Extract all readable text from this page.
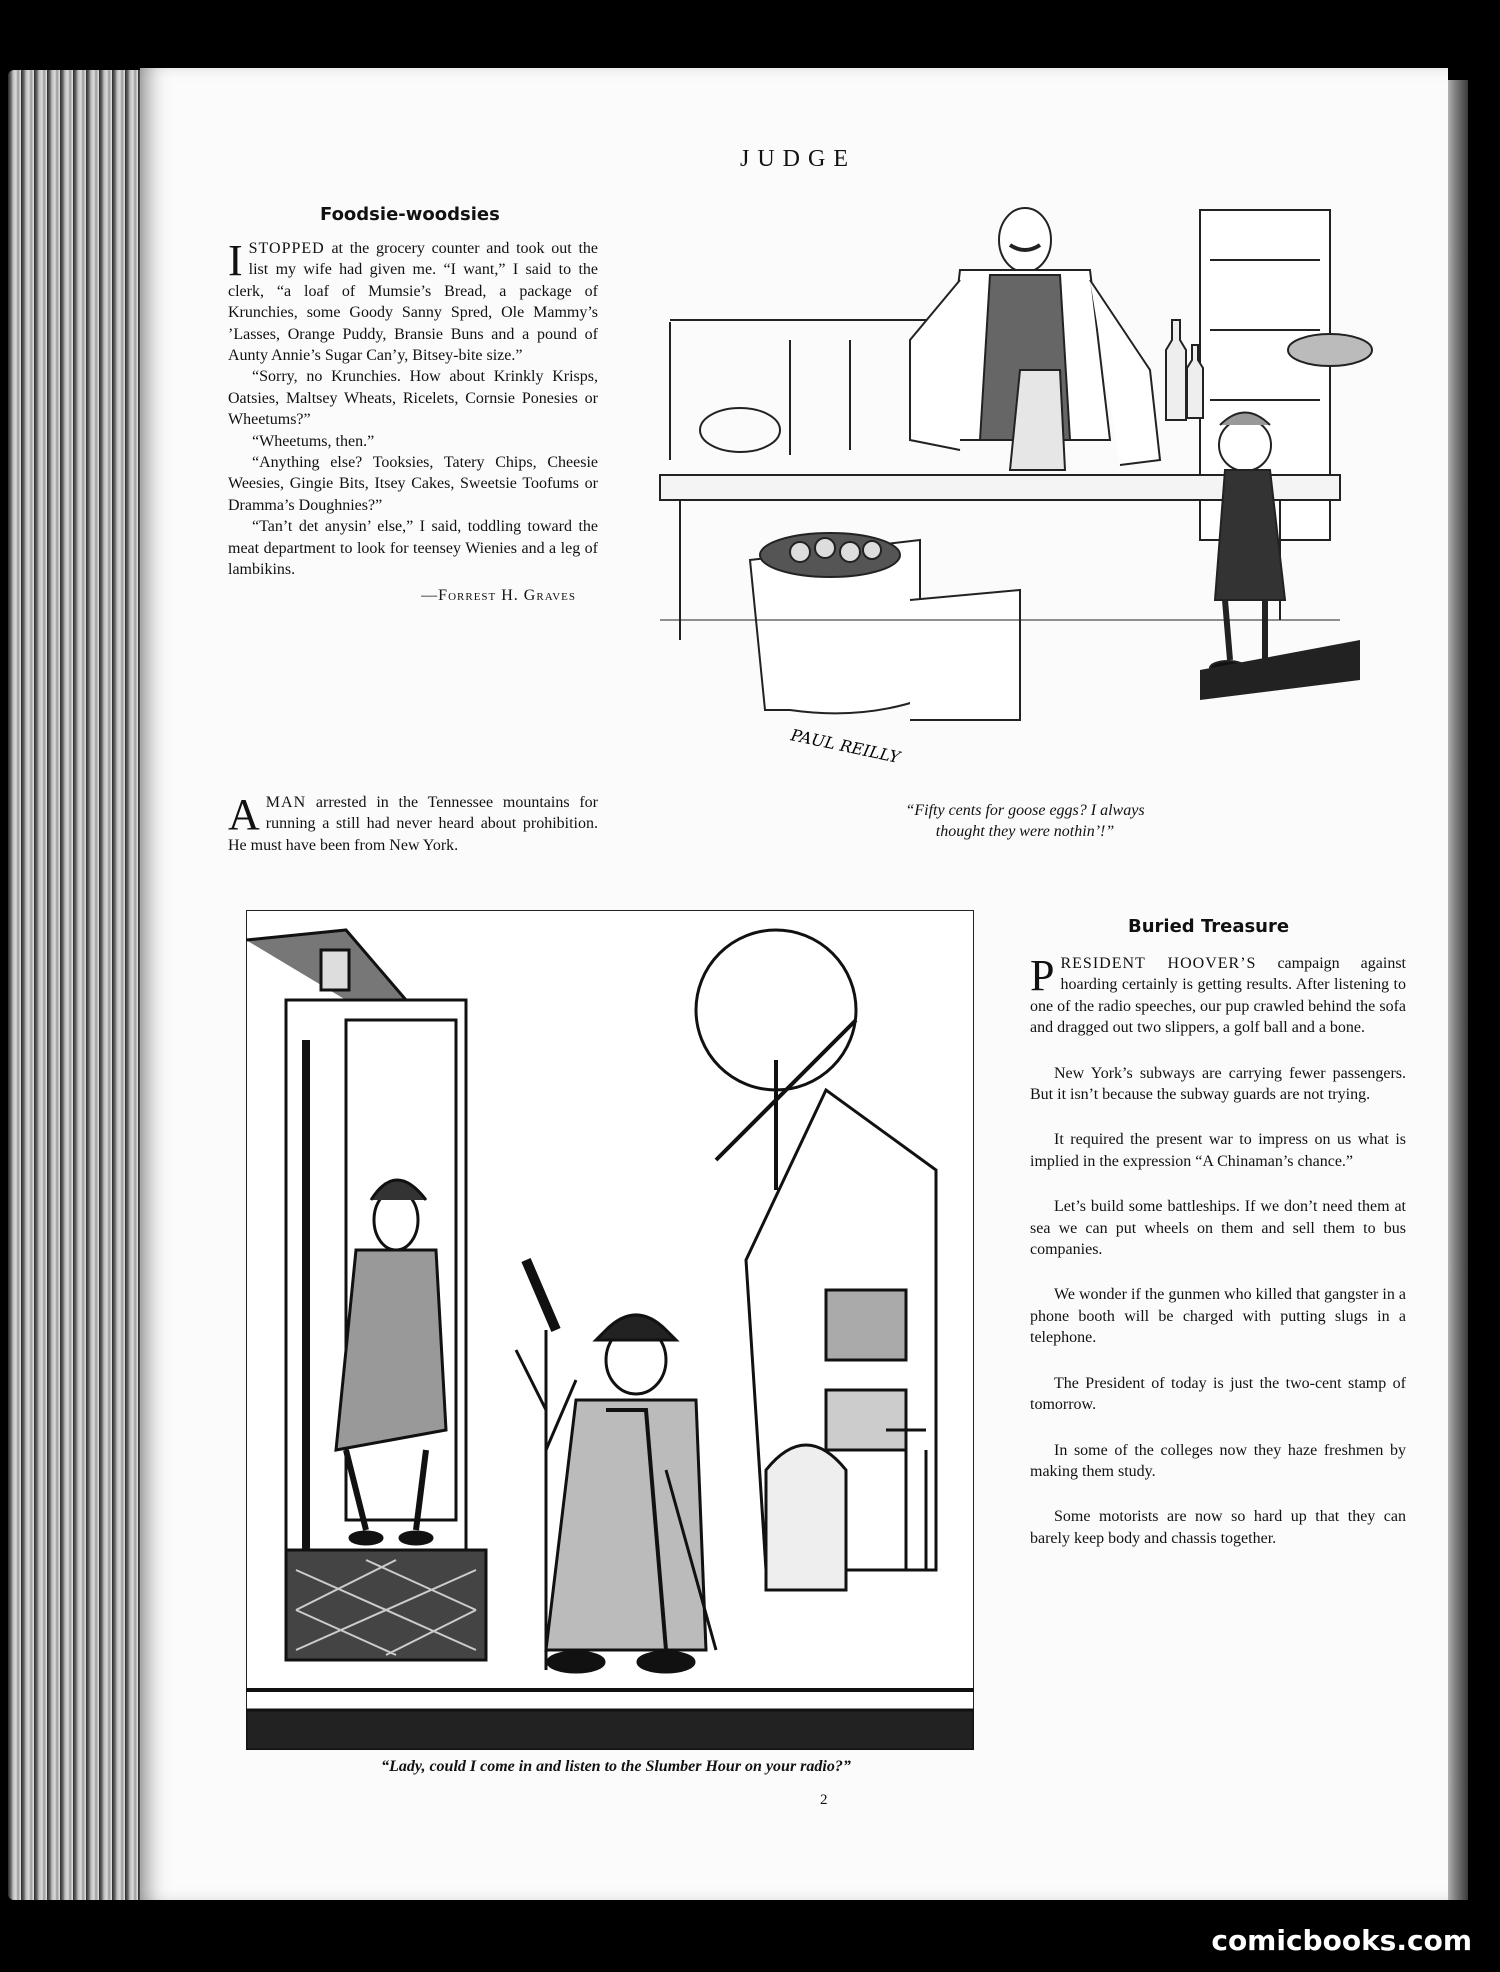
JUDGE
Foodsie-woodsies

ISTOPPED at the grocery counter and took out the list my wife had given me. “I want,” I said to the clerk, “a loaf of Mumsie’s Bread, a package of Krunchies, some Goody Sanny Spred, Ole Mammy’s ’Lasses, Orange Puddy, Bransie Buns and a pound of Aunty Annie’s Sugar Can’y, Bitsey-bite size.”

“Sorry, no Krunchies. How about Krinkly Krisps, Oatsies, Maltsey Wheats, Ricelets, Cornsie Ponesies or Wheetums?”

“Wheetums, then.”

“Anything else? Tooksies, Tatery Chips, Cheesie Weesies, Gingie Bits, Itsey Cakes, Sweetsie Toofums or Dramma’s Doughnies?”

“Tan’t det anysin’ else,” I said, toddling toward the meat department to look for teensey Wienies and a leg of lambikins.

—Forrest H. Graves

AMAN arrested in the Tennessee mountains for running a still had never heard about prohibition. He must have been from New York.

PAUL REILLY
“Fifty cents for goose eggs? I always
thought they were nothin’!”
“Lady, could I come in and listen to the Slumber Hour on your radio?”
Buried Treasure

PRESIDENT HOOVER’S campaign against hoarding certainly is getting results. After listening to one of the radio speeches, our pup crawled behind the sofa and dragged out two slippers, a golf ball and a bone.

New York’s subways are carrying fewer passengers. But it isn’t because the subway guards are not trying.

It required the present war to impress on us what is implied in the expression “A Chinaman’s chance.”

Let’s build some battleships. If we don’t need them at sea we can put wheels on them and sell them to bus companies.

We wonder if the gunmen who killed that gangster in a phone booth will be charged with putting slugs in a telephone.

The President of today is just the two-cent stamp of tomorrow.

In some of the colleges now they haze freshmen by making them study.

Some motorists are now so hard up that they can barely keep body and chassis together.

2
comicbooks.com
